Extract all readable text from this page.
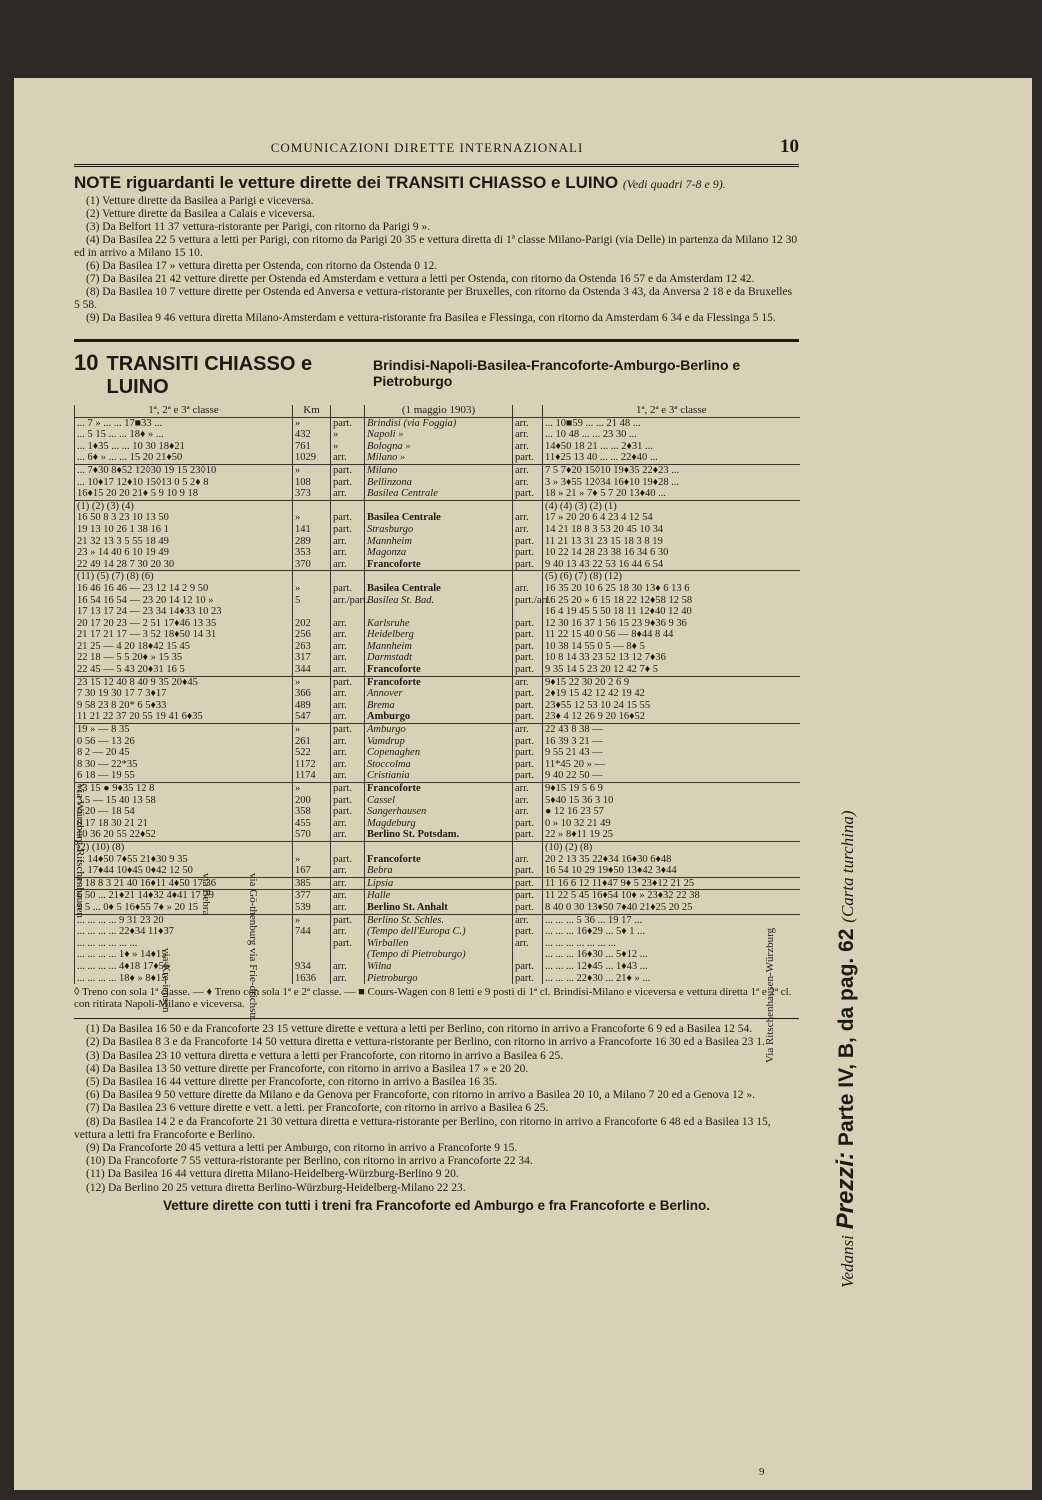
COMUNICAZIONI DIRETTE INTERNAZIONALI	10
NOTE riguardanti le vetture dirette dei TRANSITI CHIASSO e LUINO (Vedi quadri 7-8 e 9).

(1) Vetture dirette da Basilea a Parigi e viceversa.

(2) Vetture dirette da Basilea a Calais e viceversa.

(3) Da Belfort 11 37 vettura-ristorante per Parigi, con ritorno da Parigi 9 ».

(4) Da Basilea 22 5 vettura a letti per Parigi, con ritorno da Parigi 20 35 e vettura diretta di 1ª classe Milano-Parigi (via Delle) in partenza da Milano 12 30 ed in arrivo a Milano 15 10.

(6) Da Basilea 17 » vettura diretta per Ostenda, con ritorno da Ostenda 0 12.

(7) Da Basilea 21 42 vetture dirette per Ostenda ed Amsterdam e vettura a letti per Ostenda, con ritorno da Ostenda 16 57 e da Amsterdam 12 42.

(8) Da Basilea 10 7 vetture dirette per Ostenda ed Anversa e vettura-ristorante per Bruxelles, con ritorno da Ostenda 3 43, da Anversa 2 18 e da Bruxelles 5 58.

(9) Da Basilea 9 46 vettura diretta Milano-Amsterdam e vettura-ristorante fra Basilea e Flessinga, con ritorno da Amsterdam 6 34 e da Flessinga 5 15.

10 TRANSITI CHIASSO e LUINO
Brindisi-Napoli-Basilea-Francoforte-Amburgo-Berlino e Pietroburgo
1ª, 2ª e 3ª classe	Km		(1 maggio 1903)		1ª, 2ª e 3ª classe
... 7 » ... ... 17■33 ...	»	part.	Brindisi (via Foggia)	arr.	... 10■59 ... ... 21 48 ...
... 5 15 ... ... 18♦ » ...	432	»	Napoli »	arr.	... 10 48 ... ... 23 30 ...
... 1♦35 ... ... 10 30 18♦21	761	»	Bologna »	arr.	14♦50 18 21 ... ... 2♦31 ...
... 6♦ » ... ... 15 20 21♦50	1029	arr.	Milano »	part.	11♦25 13 40 ... ... 22♦40 ...
... 7♦30 8♦52 12◊30 19 15 23◊10	»	part.	Milano	arr.	7 5 7♦20 15◊10 19♦35 22♦23 ...
... 10♦17 12♦10 15◊13 0 5 2♦ 8	108	part.	Bellinzona	arr.	3 » 3♦55 12◊34 16♦10 19♦28 ...
16♦15 20 20 21♦ 5 9 10 9 18	373	arr.	Basilea Centrale	part.	18 » 21 » 7♦ 5 7 20 13♦40 ...
(1) (2) (3) (4)					(4) (4) (3) (2) (1)
16 50 8 3 23 10 13 50	»	part.	Basilea Centrale	arr.	17 » 20 20 6 4 23 4 12 54
19 13 10 26 1 38 16 1	141	part.	Strasburgo	arr.	14 21 18 8 3 53 20 45 10 34
21 32 13 3 5 55 18 49	289	arr.	Mannheim	part.	11 21 13 31 23 15 18 3 8 19
23 » 14 40 6 10 19 49	353	arr.	Magonza	part.	10 22 14 28 23 38 16 34 6 30
22 49 14 28 7 30 20 30	370	arr.	Francoforte	part.	9 40 13 43 22 53 16 44 6 54
(11) (5) (7) (8) (6)					(5) (6) (7) (8) (12)
16 46 16 46 — 23 12 14 2 9 50	»	part.	Basilea Centrale	arr.	16 35 20 10 6 25 18 30 13♦ 6 13 6
16 54 16 54 — 23 20 14 12 10 »	5	arr./part.	Basilea St. Bad.	part./arr.	16 25 20 » 6 15 18 22 12♦58 12 58
17 13 17 24 — 23 34 14♦33 10 23					16 4 19 45 5 50 18 11 12♦40 12 40
20 17 20 23 — 2 51 17♦46 13 35	202	arr.	Karlsruhe	part.	12 30 16 37 1 56 15 23 9♦36 9 36
21 17 21 17 — 3 52 18♦50 14 31	256	arr.	Heidelberg	part.	11 22 15 40 0 56 — 8♦44 8 44
21 25 — 4 20 18♦42 15 45	263	arr.	Mannheim	part.	10 38 14 55 0 5 — 8♦ 5
22 18 — 5 5 20♦ » 15 35	317	arr.	Darmstadt	part.	10 8 14 33 23 52 13 12 7♦36
22 45 — 5 43 20♦31 16 5	344	arr.	Francoforte	part.	9 35 14 5 23 20 12 42 7♦ 5
23 15 12 40 8 40 9 35 20♦45	»	part.	Francoforte	arr.	9♦15 22 30 20 2 6 9
7 30 19 30 17 7 3♦17	366	arr.	Annover	part.	2♦19 15 42 12 42 19 42
9 58 23 8 20* 6 5♦33	489	arr.	Brema	part.	23♦55 12 53 10 24 15 55
11 21 22 37 20 55 19 41 6♦35	547	arr.	Amburgo	part.	23♦ 4 12 26 9 20 16♦52
19 » — 8 35	»	part.	Amburgo	arr.	22 43 8 38 —
0 56 — 13 26	261	arr.	Vamdrup	part.	16 39 3 21 —
8 2 — 20 45	522	arr.	Copenaghen	part.	9 55 21 43 —
8 30 — 22*35	1172	arr.	Stoccolma	part.	11*45 20 » —
6 18 — 19 55	1174	arr.	Cristiania	part.	9 40 22 50 —
23 15 ● 9♦35 12 8	»	part.	Francoforte	arr.	9♦15 19 5 6 9
3 5 — 15 40 13 58	200	part.	Cassel	arr.	5♦40 15 36 3 10
6 20 — 18 54	358	part.	Sangerhausen	arr.	● 12 16 23 57
8 17 18 30 21 21	455	arr.	Magdeburg	part.	0 » 10 32 21 49
10 36 20 55 22♦52	570	arr.	Berlino St. Potsdam.	part.	22 » 8♦11 19 25
(2) (10) (8)					(10) (2) (8)
... 14♦50 7♦55 21♦30 9 35	»	part.	Francoforte	arr.	20 2 13 35 22♦34 16♦30 6♦48
... 17♦44 10♦45 0♦42 12 50	167	arr.	Bebra	part.	16 54 10 29 19♦50 13♦42 3♦44
7 18 8 3 21 40 16♦11 4♦50 17 36	385	arr.	Lipsia	part.	11 16 6 12 11♦47 9♦ 5 23♦12 21 25
6 50 ... 21♦21 14♦32 4♦41 17 29	377	arr.	Halle	part.	11 22 5 45 16♦54 10♦ » 23♦32 22 38
9 5 ... 0♦ 5 16♦55 7♦ » 20 15	539	arr.	Berlino St. Anhalt	part.	8 40 0 30 13♦50 7♦40 21♦25 20 25
... ... ... ... 9 31 23 20	»	part.	Berlino St. Schles.	arr.	... ... ... 5 36 ... 19 17 ...
... ... ... ... 22♦34 11♦37	744	arr.	(Tempo dell'Europa C.)	part.	... ... ... 16♦29 ... 5♦ 1 ...
... ... ... ... ... ...		part.	Wirballen	arr.	... ... ... ... ... ... ...
... ... ... ... 1♦ » 14♦15			(Tempo di Pietroburgo)		... ... ... 16♦30 ... 5♦12 ...
... ... ... ... 4♦18 17♦56	934	arr.	Wilna	part.	... ... ... 12♦45 ... 1♦43 ...
... ... ... ... 18♦ » 8♦15	1636	arr.	Pietroburgo	part.	... ... ... 22♦30 ... 21♦ » ...

◊ Treno con sola 1ª classe. — ♦ Treno con sola 1ª e 2ª classe. — ■ Cours-Wagen con 8 letti e 9 posti di 1ª cl. Brindisi-Milano e viceversa e vettura diretta 1ª e 2ª cl. con ritirata Napoli-Milano e viceversa.

(1) Da Basilea 16 50 e da Francoforte 23 15 vetture dirette e vettura a letti per Berlino, con ritorno in arrivo a Francoforte 6 9 ed a Basilea 12 54.

(2) Da Basilea 8 3 e da Francoforte 14 50 vettura diretta e vettura-ristorante per Berlino, con ritorno in arrivo a Francoforte 16 30 ed a Basilea 23 1.

(3) Da Basilea 23 10 vettura diretta e vettura a letti per Francoforte, con ritorno in arrivo a Basilea 6 25.

(4) Da Basilea 13 50 vetture dirette per Francoforte, con ritorno in arrivo a Basilea 17 » e 20 20.

(5) Da Basilea 16 44 vetture dirette per Francoforte, con ritorno in arrivo a Basilea 16 35.

(6) Da Basilea 9 50 vetture dirette da Milano e da Genova per Francoforte, con ritorno in arrivo a Basilea 20 10, a Milano 7 20 ed a Genova 12 ».

(7) Da Basilea 23 6 vetture dirette e vett. a letti. per Francoforte, con ritorno in arrivo a Basilea 6 25.

(8) Da Basilea 14 2 e da Francoforte 21 30 vettura diretta e vettura-ristorante per Berlino, con ritorno in arrivo a Francoforte 6 48 ed a Basilea 13 15, vettura a letti fra Francoforte e Berlino.

(9) Da Francoforte 20 45 vettura a letti per Amburgo, con ritorno in arrivo a Francoforte 9 15.

(10) Da Francoforte 7 55 vettura-ristorante per Berlino, con ritorno in arrivo a Francoforte 22 34.

(11) Da Basilea 16 44 vettura diretta Milano-Heidelberg-Würzburg-Berlino 9 20.

(12) Da Berlino 20 25 vettura diretta Berlino-Würzburg-Heidelberg-Milano 22 23.

Vetture dirette con tutti i treni fra Francoforte ed Amburgo e fra Francoforte e Berlino.
9
Vedansi Prezzi: Parte IV, B, da pag. 62 (Carta turchina)
Via Würzburg-Ritschenhausen
Via Ritschenhausen-Würzburg
via Bebra	via Gö-thenburg
via Kre-iensen	via Frie-drichstr.
